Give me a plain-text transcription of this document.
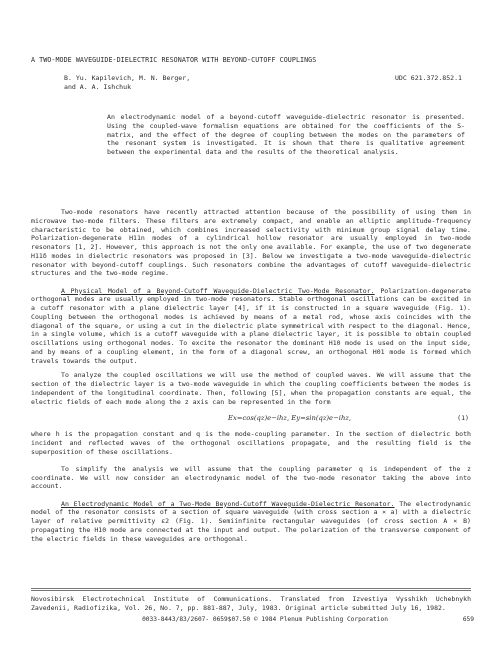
A TWO-MODE WAVEGUIDE-DIELECTRIC RESONATOR WITH BEYOND-CUTOFF COUPLINGS
B. Yu. Kapilevich, M. N. Berger,
and A. A. Ishchuk
UDC 621.372.852.1
An electrodynamic model of a beyond-cutoff waveguide-dielectric resonator is presented. Using the coupled-wave formalism equations are obtained for the coefficients of the S-matrix, and the effect of the degree of coupling between the modes on the parameters of the resonant system is investigated. It is shown that there is qualitative agreement between the experimental data and the results of the theoretical analysis.

Two-mode resonators have recently attracted attention because of the possibility of using them in microwave two-mode filters. These filters are extremely compact, and enable an elliptic amplitude-frequency characteristic to be obtained, which combines increased selectivity with minimum group signal delay time. Polarization-degenerate H11n modes of a cylindrical hollow resonator are usually employed in two-mode resonators [1, 2]. However, this approach is not the only one available. For example, the use of two degenerate H11δ modes in dielectric resonators was proposed in [3]. Below we investigate a two-mode waveguide-dielectric resonator with beyond-cutoff couplings. Such resonators combine the advantages of cutoff waveguide-dielectric structures and the two-mode regime.

A Physical Model of a Beyond-Cutoff Waveguide-Dielectric Two-Mode Resonator. Polarization-degenerate orthogonal modes are usually employed in two-mode resonators. Stable orthogonal oscillations can be excited in a cutoff resonator with a plane dielectric layer [4], if it is constructed in a square waveguide (Fig. 1). Coupling between the orthogonal modes is achieved by means of a metal rod, whose axis coincides with the diagonal of the square, or using a cut in the dielectric plate symmetrical with respect to the diagonal. Hence, in a single volume, which is a cutoff waveguide with a plane dielectric layer, it is possible to obtain coupled oscillations using orthogonal modes. To excite the resonator the dominant H10 mode is used on the input side, and by means of a coupling element, in the form of a diagonal screw, an orthogonal H01 mode is formed which travels towards the output.

To analyze the coupled oscillations we will use the method of coupled waves. We will assume that the section of the dielectric layer is a two-mode waveguide in which the coupling coefficients between the modes is independent of the longitudinal coordinate. Then, following [5], when the propagation constants are equal, the electric fields of each mode along the z axis can be represented in the form

Ex=cos(qz)e−ihz, Ey=sin(qz)e−ihz,	(1)

where h is the propagation constant and q is the mode-coupling parameter. In the section of dielectric both incident and reflected waves of the orthogonal oscillations propagate, and the resulting field is the superposition of these oscillations.

To simplify the analysis we will assume that the coupling parameter q is independent of the z coordinate. We will now consider an electrodynamic model of the two-mode resonator taking the above into account.

An Electrodynamic Model of a Two-Mode Beyond-Cutoff Waveguide-Dielectric Resonator. The electrodynamic model of the resonator consists of a section of square waveguide (with cross section a × a) with a dielectric layer of relative permittivity ε2 (Fig. 1). Semiinfinite rectangular waveguides (of cross section A × B) propagating the H10 mode are connected at the input and output. The polarization of the transverse component of the electric fields in these waveguides are orthogonal.

Novosibirsk Electrotechnical Institute of Communications. Translated from Izvestiya Vysshikh Uchebnykh Zavedenii, Radiofizika, Vol. 26, No. 7, pp. 881-887, July, 1983. Original article submitted July 16, 1982.
0033-8443/83/2607- 0659$07.50 © 1984 Plenum Publishing Corporation	659
